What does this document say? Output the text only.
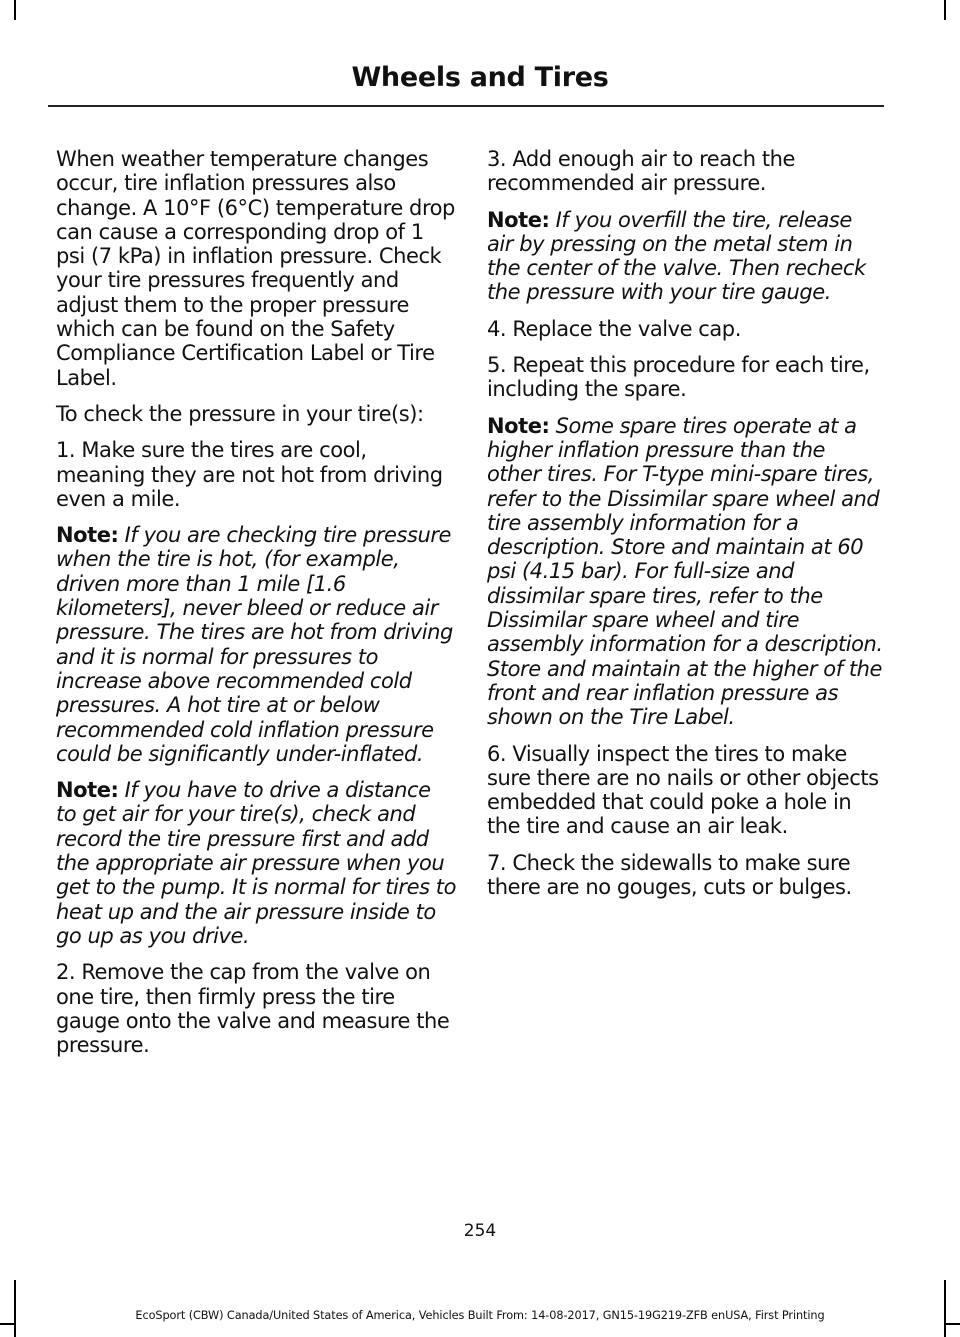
Wheels and Tires

When weather temperature changes occur, tire inflation pressures also change. A 10°F (6°C) temperature drop can cause a corresponding drop of 1 psi (7 kPa) in inflation pressure. Check your tire pressures frequently and adjust them to the proper pressure which can be found on the Safety Compliance Certification Label or Tire Label.

To check the pressure in your tire(s):

1. Make sure the tires are cool, meaning they are not hot from driving even a mile.

Note: If you are checking tire pressure when the tire is hot, (for example, driven more than 1 mile [1.6 kilometers], never bleed or reduce air pressure. The tires are hot from driving and it is normal for pressures to increase above recommended cold pressures. A hot tire at or below recommended cold inflation pressure could be significantly under-inflated.

Note: If you have to drive a distance to get air for your tire(s), check and record the tire pressure first and add the appropriate air pressure when you get to the pump. It is normal for tires to heat up and the air pressure inside to go up as you drive.

2. Remove the cap from the valve on one tire, then firmly press the tire gauge onto the valve and measure the pressure.

3. Add enough air to reach the recommended air pressure.

Note: If you overfill the tire, release air by pressing on the metal stem in the center of the valve. Then recheck the pressure with your tire gauge.

4. Replace the valve cap.

5. Repeat this procedure for each tire, including the spare.

Note: Some spare tires operate at a higher inflation pressure than the other tires. For T-type mini-spare tires, refer to the Dissimilar spare wheel and tire assembly information for a description. Store and maintain at 60 psi (4.15 bar). For full-size and dissimilar spare tires, refer to the Dissimilar spare wheel and tire assembly information for a description. Store and maintain at the higher of the front and rear inflation pressure as shown on the Tire Label.

6. Visually inspect the tires to make sure there are no nails or other objects embedded that could poke a hole in the tire and cause an air leak.

7. Check the sidewalls to make sure there are no gouges, cuts or bulges.

254
EcoSport (CBW) Canada/United States of America, Vehicles Built From: 14-08-2017, GN15-19G219-ZFB enUSA, First Printing
